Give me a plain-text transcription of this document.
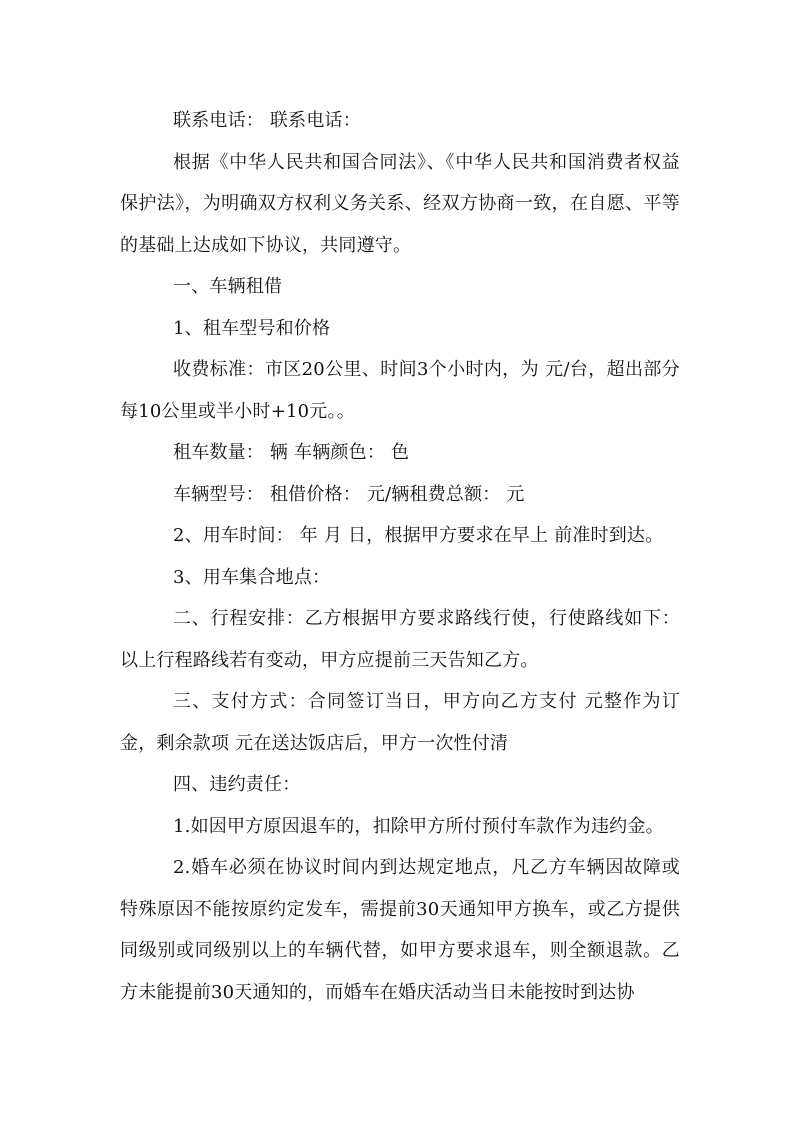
联系电话： 联系电话：

根据《中华人民共和国合同法》、《中华人民共和国消费者权益保护法》，为明确双方权利义务关系、经双方协商一致，在自愿、平等的基础上达成如下协议，共同遵守。

一、车辆租借

1、租车型号和价格

收费标准：市区20公里、时间3个小时内，为 元/台，超出部分每10公里或半小时+10元。。

租车数量： 辆 车辆颜色： 色

车辆型号： 租借价格： 元/辆租费总额： 元

2、用车时间： 年 月 日，根据甲方要求在早上 前准时到达。

3、用车集合地点：

二、行程安排：乙方根据甲方要求路线行使，行使路线如下：以上行程路线若有变动，甲方应提前三天告知乙方。

三、支付方式：合同签订当日，甲方向乙方支付 元整作为订金，剩余款项 元在送达饭店后，甲方一次性付清

四、违约责任：

1.如因甲方原因退车的，扣除甲方所付预付车款作为违约金。

2.婚车必须在协议时间内到达规定地点，凡乙方车辆因故障或特殊原因不能按原约定发车，需提前30天通知甲方换车，或乙方提供同级别或同级别以上的车辆代替，如甲方要求退车，则全额退款。乙方未能提前30天通知的，而婚车在婚庆活动当日未能按时到达协
